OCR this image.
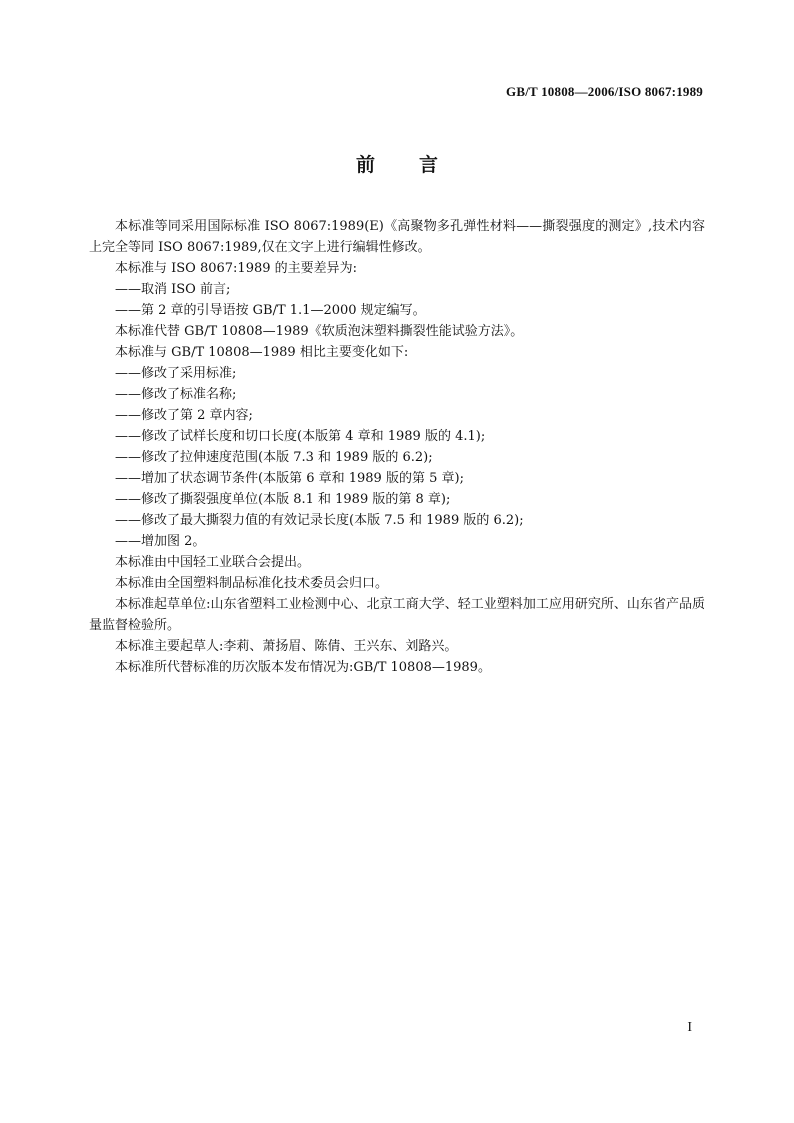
GB/T 10808—2006/ISO 8067:1989
前言

本标准等同采用国际标准 ISO 8067:1989(E)《高聚物多孔弹性材料——撕裂强度的测定》,技术内容上完全等同 ISO 8067:1989,仅在文字上进行编辑性修改。

本标准与 ISO 8067:1989 的主要差异为:

——取消 ISO 前言;

——第 2 章的引导语按 GB/T 1.1—2000 规定编写。

本标准代替 GB/T 10808—1989《软质泡沫塑料撕裂性能试验方法》。

本标准与 GB/T 10808—1989 相比主要变化如下:

——修改了采用标准;

——修改了标准名称;

——修改了第 2 章内容;

——修改了试样长度和切口长度(本版第 4 章和 1989 版的 4.1);

——修改了拉伸速度范围(本版 7.3 和 1989 版的 6.2);

——增加了状态调节条件(本版第 6 章和 1989 版的第 5 章);

——修改了撕裂强度单位(本版 8.1 和 1989 版的第 8 章);

——修改了最大撕裂力值的有效记录长度(本版 7.5 和 1989 版的 6.2);

——增加图 2。

本标准由中国轻工业联合会提出。

本标准由全国塑料制品标准化技术委员会归口。

本标准起草单位:山东省塑料工业检测中心、北京工商大学、轻工业塑料加工应用研究所、山东省产品质量监督检验所。

本标准主要起草人:李莉、萧扬眉、陈倩、王兴东、刘路兴。

本标准所代替标准的历次版本发布情况为:GB/T 10808—1989。

I
